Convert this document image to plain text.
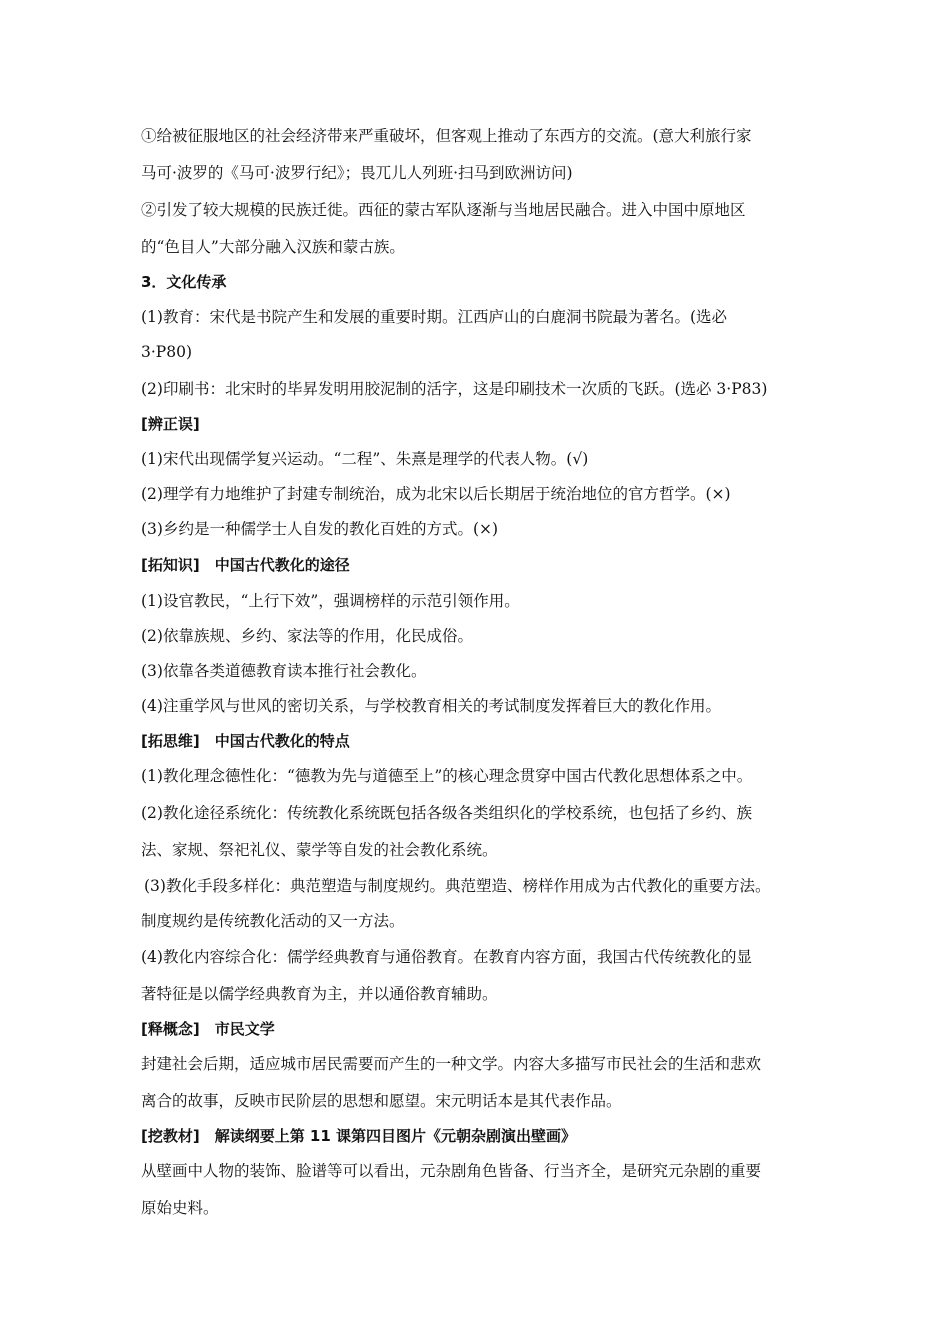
①给被征服地区的社会经济带来严重破坏，但客观上推动了东西方的交流。(意大利旅行家

马可·波罗的《马可·波罗行纪》；畏兀儿人列班·扫马到欧洲访问)

②引发了较大规模的民族迁徙。西征的蒙古军队逐渐与当地居民融合。进入中国中原地区

的“色目人”大部分融入汉族和蒙古族。

3．文化传承

(1)教育：宋代是书院产生和发展的重要时期。江西庐山的白鹿洞书院最为著名。(选必

3·P80)

(2)印刷书：北宋时的毕昇发明用胶泥制的活字，这是印刷技术一次质的飞跃。(选必 3·P83)

[辨正误]

(1)宋代出现儒学复兴运动。“二程”、朱熹是理学的代表人物。(√)

(2)理学有力地维护了封建专制统治，成为北宋以后长期居于统治地位的官方哲学。(×)

(3)乡约是一种儒学士人自发的教化百姓的方式。(×)

[拓知识]　中国古代教化的途径

(1)设官教民，“上行下效”，强调榜样的示范引领作用。

(2)依靠族规、乡约、家法等的作用，化民成俗。

(3)依靠各类道德教育读本推行社会教化。

(4)注重学风与世风的密切关系，与学校教育相关的考试制度发挥着巨大的教化作用。

[拓思维]　中国古代教化的特点

(1)教化理念德性化：“德教为先与道德至上”的核心理念贯穿中国古代教化思想体系之中。

(2)教化途径系统化：传统教化系统既包括各级各类组织化的学校系统，也包括了乡约、族

法、家规、祭祀礼仪、蒙学等自发的社会教化系统。

(3)教化手段多样化：典范塑造与制度规约。典范塑造、榜样作用成为古代教化的重要方法。

制度规约是传统教化活动的又一方法。

(4)教化内容综合化：儒学经典教育与通俗教育。在教育内容方面，我国古代传统教化的显

著特征是以儒学经典教育为主，并以通俗教育辅助。

[释概念]　市民文学

封建社会后期，适应城市居民需要而产生的一种文学。内容大多描写市民社会的生活和悲欢

离合的故事，反映市民阶层的思想和愿望。宋元明话本是其代表作品。

[挖教材]　解读纲要上第 11 课第四目图片《元朝杂剧演出壁画》

从壁画中人物的装饰、脸谱等可以看出，元杂剧角色皆备、行当齐全，是研究元杂剧的重要

原始史料。
